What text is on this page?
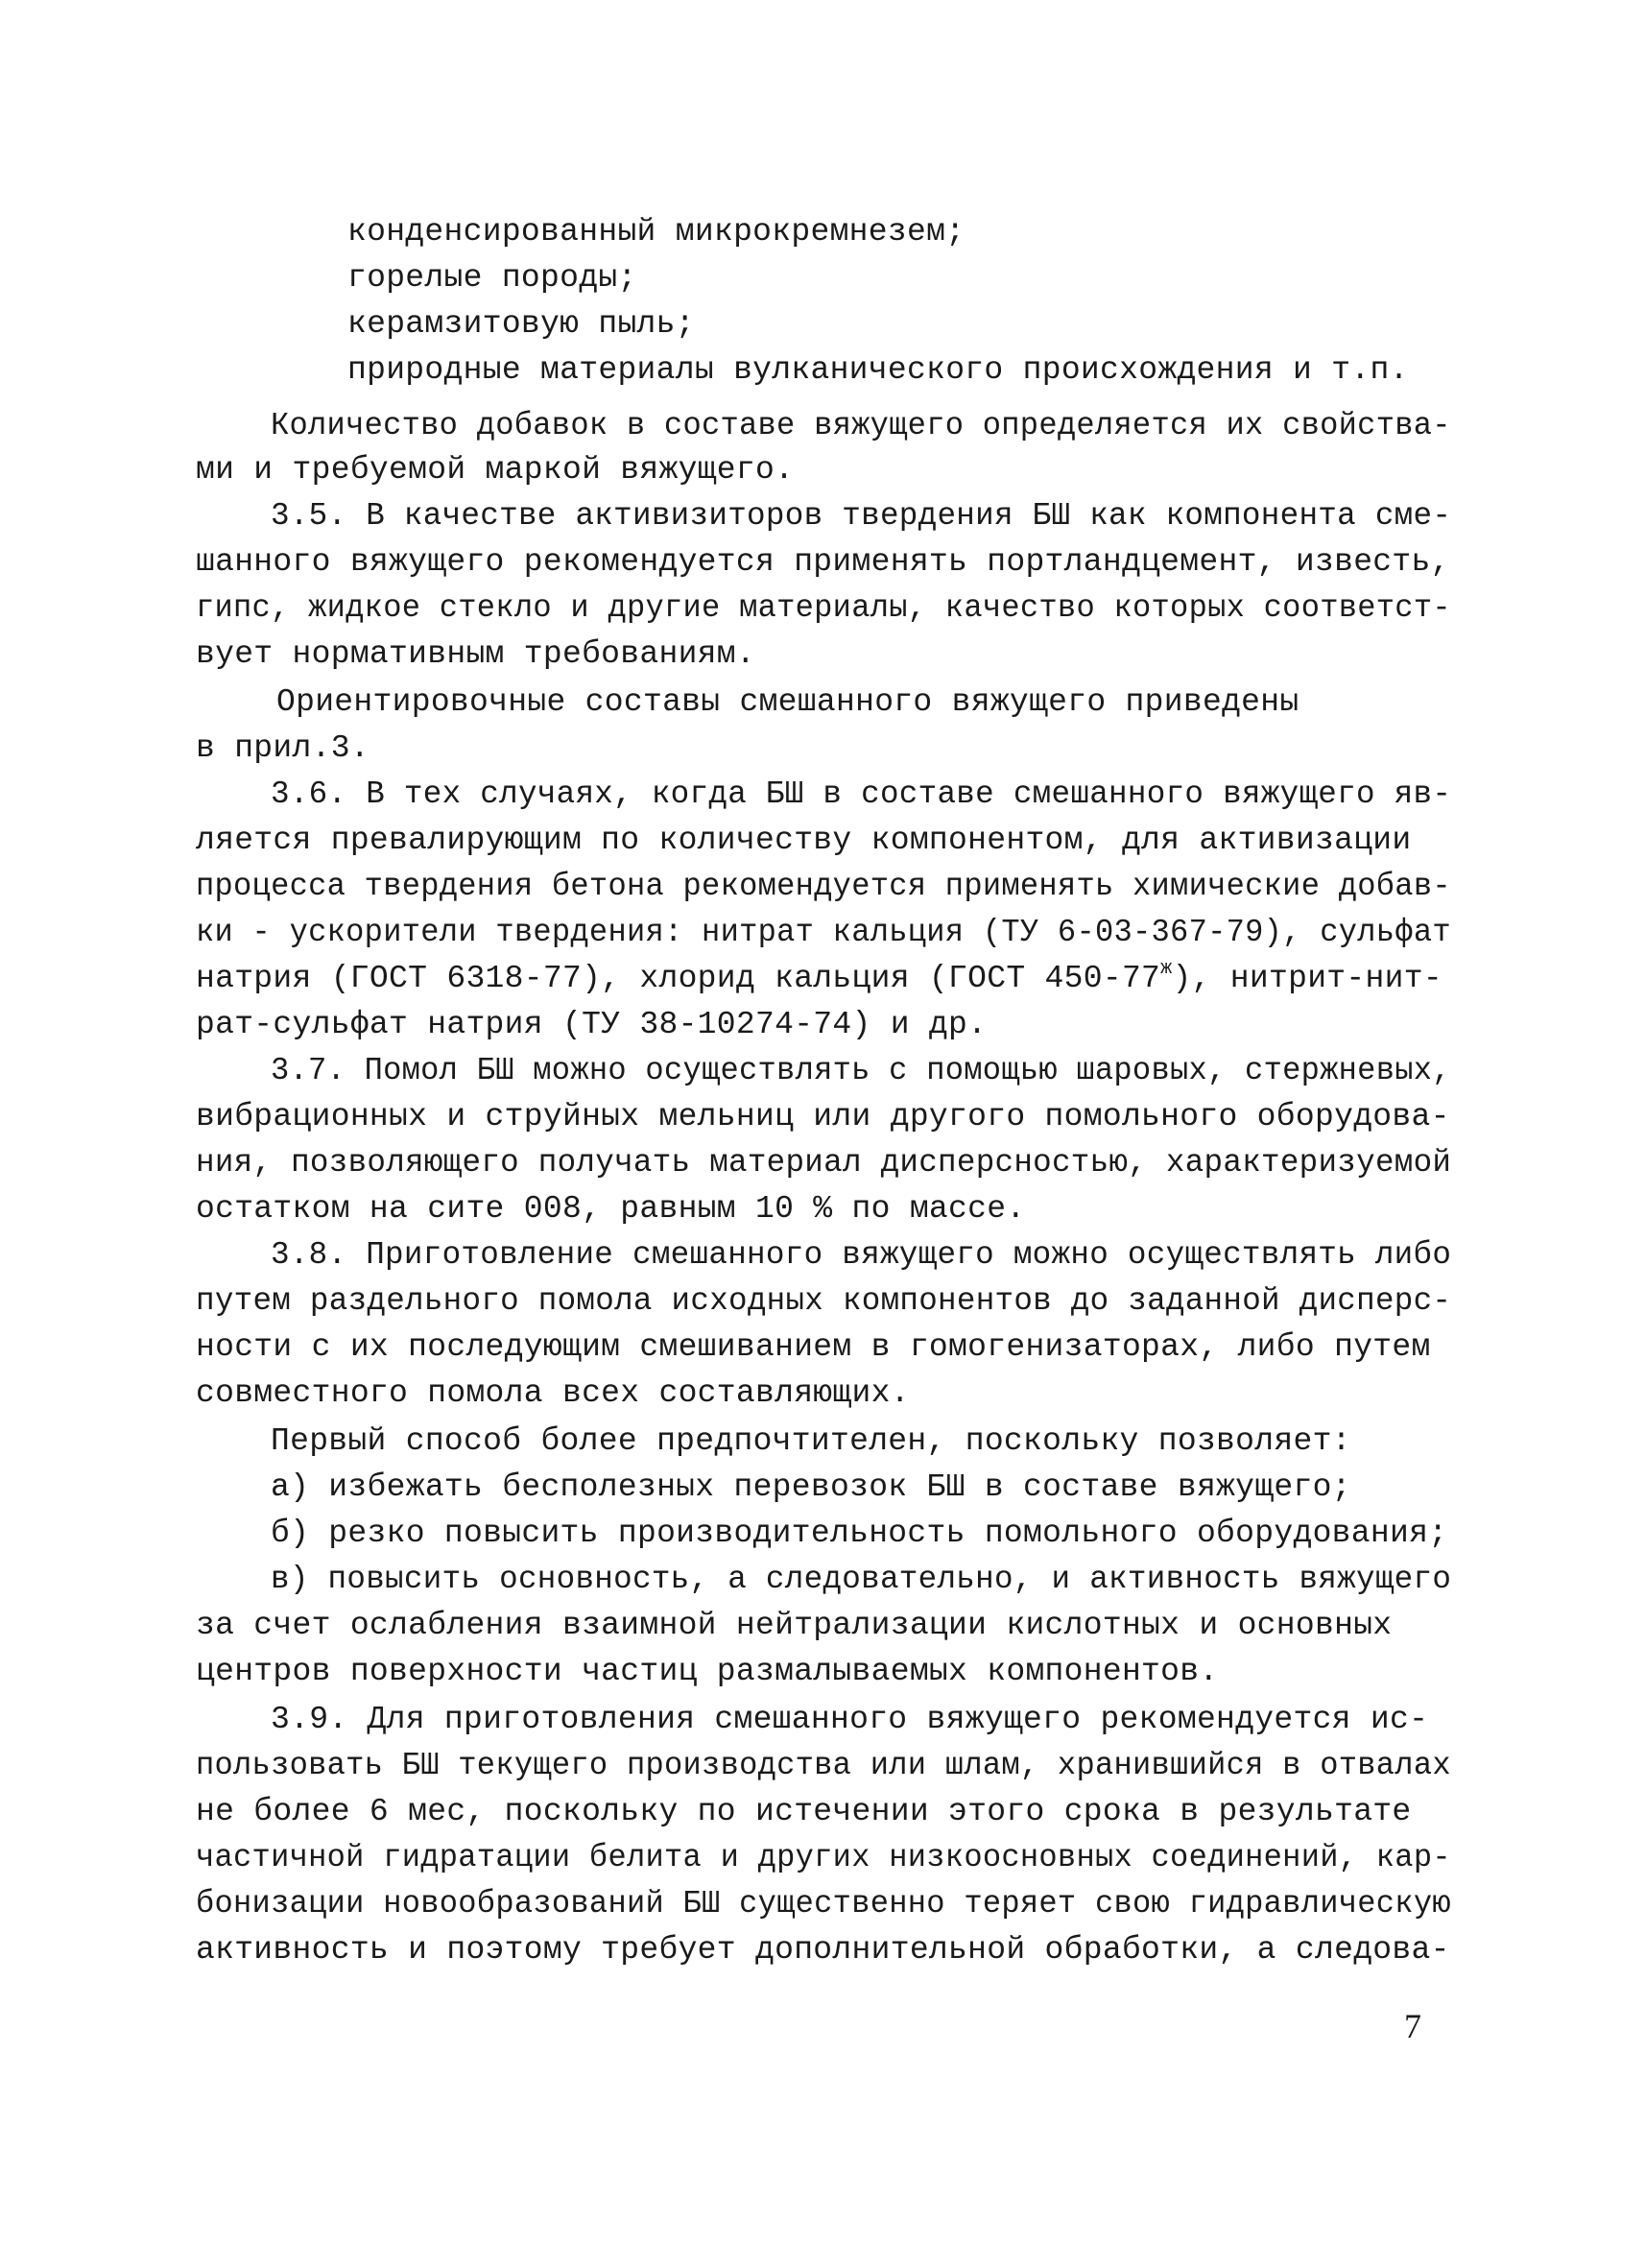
конденсированный микрокремнезем;
горелые породы;
керамзитовую пыль;
природные материалы вулканического происхождения и т.п.
Количество добавок в составе вяжущего определяется их свойства-
ми и требуемой маркой вяжущего.
3.5. В качестве активизиторов твердения БШ как компонента сме-
шанного вяжущего рекомендуется применять портландцемент, известь,
гипс, жидкое стекло и другие материалы, качество которых соответст-
вует нормативным требованиям.
Ориентировочные составы смешанного вяжущего приведены
в прил.3.
3.6. В тех случаях, когда БШ в составе смешанного вяжущего яв-
ляется превалирующим по количеству компонентом, для активизации
процесса твердения бетона рекомендуется применять химические добав-
ки - ускорители твердения: нитрат кальция (ТУ 6-03-367-79), сульфат
натрия (ГОСТ 6318-77), хлорид кальция (ГОСТ $450-77^ж$), нитрит-нит-
рат-сульфат натрия (ТУ 38-10274-74) и др.
3.7. Помол БШ можно осуществлять с помощью шаровых, стержневых,
вибрационных и струйных мельниц или другого помольного оборудова-
ния, позволяющего получать материал дисперсностью, характеризуемой
остатком на сите 008, равным 10 % по массе.
3.8. Приготовление смешанного вяжущего можно осуществлять либо
путем раздельного помола исходных компонентов до заданной дисперс-
ности с их последующим смешиванием в гомогенизаторах, либо путем
совместного помола всех составляющих.
Первый способ более предпочтителен, поскольку позволяет:
а) избежать бесполезных перевозок БШ в составе вяжущего;
б) резко повысить производительность помольного оборудования;
в) повысить основность, а следовательно, и активность вяжущего
за счет ослабления взаимной нейтрализации кислотных и основных
центров поверхности частиц размалываемых компонентов.
3.9. Для приготовления смешанного вяжущего рекомендуется ис-
пользовать БШ текущего производства или шлам, хранившийся в отвалах
не более 6 мес, поскольку по истечении этого срока в результате
частичной гидратации белита и других низкоосновных соединений, кар-
бонизации новообразований БШ существенно теряет свою гидравлическую
активность и поэтому требует дополнительной обработки, а следова-
7
